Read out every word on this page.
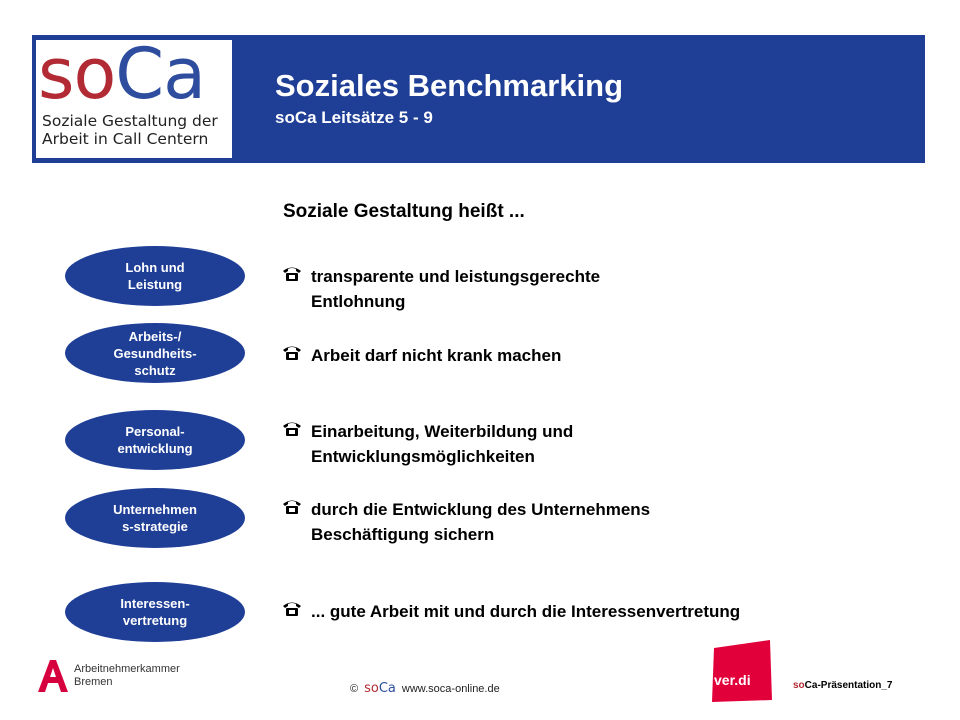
soCa
Soziale Gestaltung der
Arbeit in Call Centern
Soziales Benchmarking
soCa Leitsätze 5 - 9
Soziale Gestaltung heißt ...
Lohn und
Leistung
Arbeits-/
Gesundheits-
schutz
Personal-
entwicklung
Unternehmen
s-strategie
Interessen-
vertretung
transparente und leistungsgerechte
Entlohnung
Arbeit darf nicht krank machen
Einarbeitung, Weiterbildung und
Entwicklungsmöglichkeiten
durch die Entwicklung des Unternehmens
Beschäftigung sichern
... gute Arbeit mit und durch die Interessenvertretung
Arbeitnehmerkammer
Bremen
© soCa www.soca-online.de
ver.di	soCa-Präsentation_7
